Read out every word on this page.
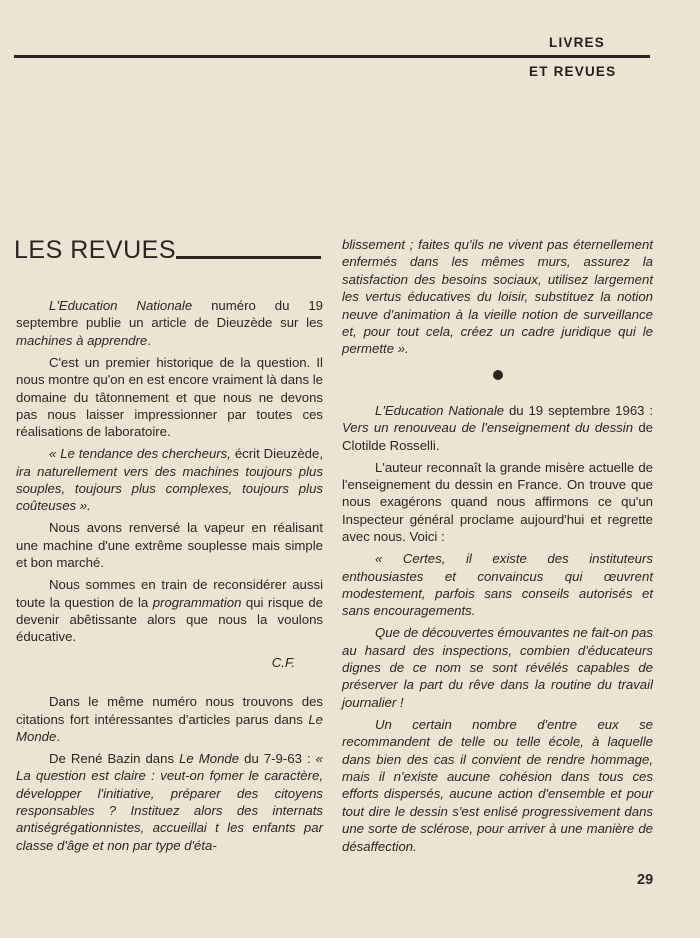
LIVRES
ET REVUES
LES REVUES

L'Education Nationale numéro du 19 septembre publie un article de Dieuzède sur les machines à apprendre.

C'est un premier historique de la question. Il nous montre qu'on en est encore vraiment là dans le domaine du tâtonnement et que nous ne devons pas nous laisser impressionner par toutes ces réalisations de laboratoire.

« Le tendance des chercheurs, écrit Dieuzède, ira naturellement vers des machines toujours plus souples, toujours plus complexes, toujours plus coûteuses ».

Nous avons renversé la vapeur en réalisant une machine d'une extrême souplesse mais simple et bon marché.

Nous sommes en train de reconsidérer aussi toute la question de la programmation qui risque de devenir abêtissante alors que nous la voulons éducative.

C.F.

Dans le même numéro nous trouvons des citations fort intéressantes d'articles parus dans Le Monde.

De René Bazin dans Le Monde du 7-9-63 : « La question est claire : veut-on fo᷊mer le caractère, développer l'initiative, préparer des citoyens responsables ? Instituez alors des internats antiségrégationnistes, accueillai t les enfants par classe d'âge et non par type d'éta-

blissement ; faites qu'ils ne vivent pas éternellement enfermés dans les mêmes murs, assurez la satisfaction des besoins sociaux, utilisez largement les vertus éducatives du loisir, substituez la notion neuve d'animation à la vieille notion de surveillance et, pour tout cela, créez un cadre juridique qui le permette ».

L'Education Nationale du 19 septembre 1963 : Vers un renouveau de l'enseignement du dessin de Clotilde Rosselli.

L'auteur reconnaît la grande misère actuelle de l'enseignement du dessin en France. On trouve que nous exagérons quand nous affirmons ce qu'un Inspecteur général proclame aujourd'hui et regrette avec nous. Voici :

« Certes, il existe des instituteurs enthousiastes et convaincus qui œuvrent modestement, parfois sans conseils autorisés et sans encouragements.

Que de découvertes émouvantes ne fait-on pas au hasard des inspections, combien d'éducateurs dignes de ce nom se sont révélés capables de préserver la part du rêve dans la routine du travail journalier !

Un certain nombre d'entre eux se recommandent de telle ou telle école, à laquelle dans bien des cas il convient de rendre hommage, mais il n'existe aucune cohésion dans tous ces efforts dispersés, aucune action d'ensemble et pour tout dire le dessin s'est enlisé progressivement dans une sorte de sclérose, pour arriver à une manière de désaffection.

29
